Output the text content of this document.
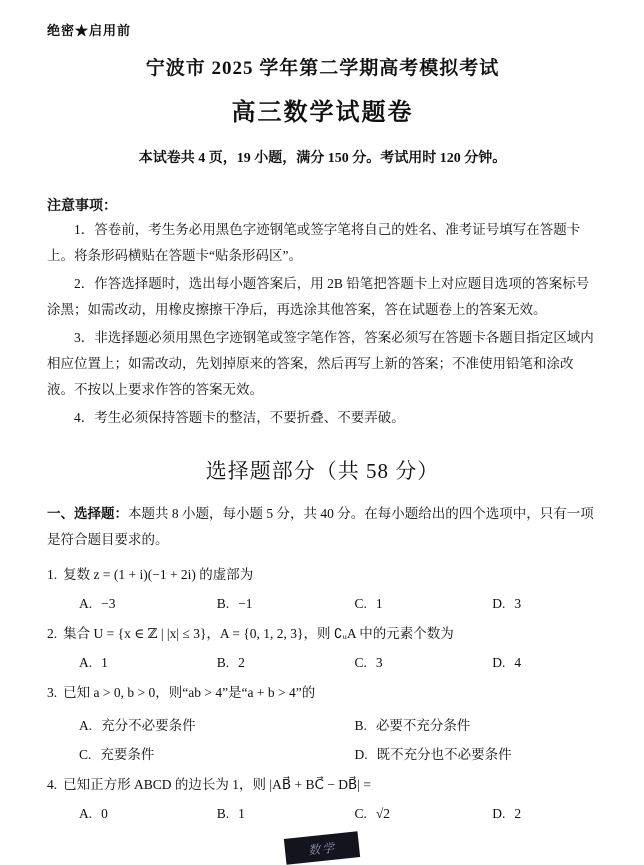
绝密★启用前
宁波市 2025 学年第二学期高考模拟考试
高三数学试题卷
本试卷共 4 页，19 小题，满分 150 分。考试用时 120 分钟。
注意事项：

1．答卷前，考生务必用黑色字迹钢笔或签字笔将自己的姓名、准考证号填写在答题卡上。将条形码横贴在答题卡“贴条形码区”。

2．作答选择题时，选出每小题答案后，用 2B 铅笔把答题卡上对应题目选项的答案标号涂黑；如需改动，用橡皮擦擦干净后，再选涂其他答案，答在试题卷上的答案无效。

3．非选择题必须用黑色字迹钢笔或签字笔作答，答案必须写在答题卡各题目指定区域内相应位置上；如需改动，先划掉原来的答案，然后再写上新的答案；不准使用铅笔和涂改液。不按以上要求作答的答案无效。

4．考生必须保持答题卡的整洁，不要折叠、不要弄破。

选择题部分（共 58 分）
一、选择题：本题共 8 小题，每小题 5 分，共 40 分。在每小题给出的四个选项中，只有一项是符合题目要求的。

1. 复数 z = (1 + i)(−1 + 2i) 的虚部为

A. −3	B. −1	C. 1	D. 3

2. 集合 U = {x ∈ ℤ | |x| ≤ 3}，A = {0, 1, 2, 3}，则 ∁ᵤA 中的元素个数为

A. 1	B. 2	C. 3	D. 4

3. 已知 a > 0, b > 0，则“ab > 4”是“a + b > 4”的

A. 充分不必要条件	B. 必要不充分条件
C. 充要条件	D. 既不充分也不必要条件

4. 已知正方形 ABCD 的边长为 1，则 |AB⃗ + BC⃗ − DB⃗| =

A. 0	B. 1	C. √2	D. 2
数学
